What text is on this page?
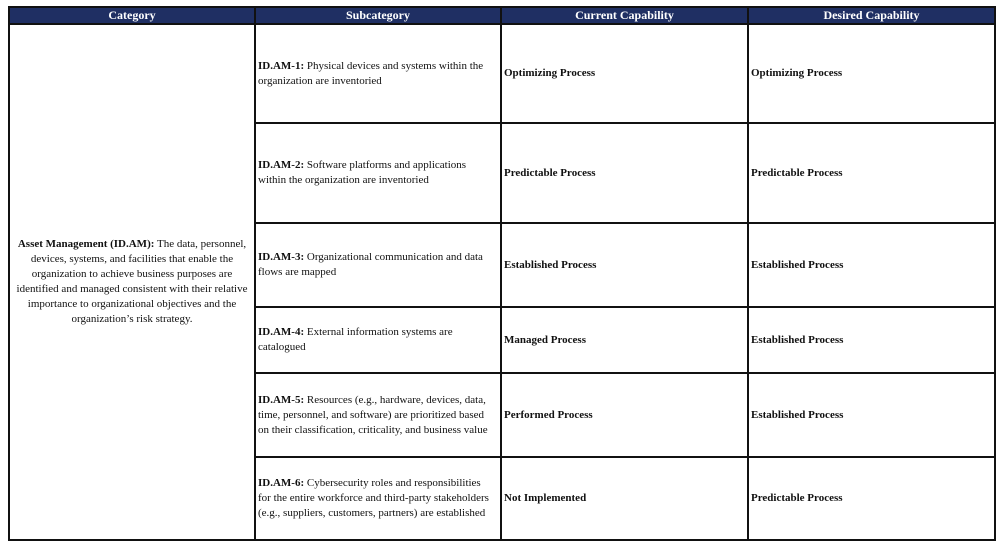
Category	Subcategory	Current Capability	Desired Capability
Asset Management (ID.AM): The data, personnel, devices, systems, and facilities that enable the organization to achieve business purposes are identified and managed consistent with their relative importance to organizational objectives and the organization’s risk strategy.	ID.AM-1: Physical devices and systems within the organization are inventoried	Optimizing Process	Optimizing Process
	ID.AM-2: Software platforms and applications within the organization are inventoried	Predictable Process	Predictable Process
	ID.AM-3: Organizational communication and data flows are mapped	Established Process	Established Process
	ID.AM-4: External information systems are catalogued	Managed Process	Established Process
	ID.AM-5: Resources (e.g., hardware, devices, data, time, personnel, and software) are prioritized based on their classification, criticality, and business value	Performed Process	Established Process
	ID.AM-6: Cybersecurity roles and responsibilities for the entire workforce and third-party stakeholders (e.g., suppliers, customers, partners) are established	Not Implemented	Predictable Process
